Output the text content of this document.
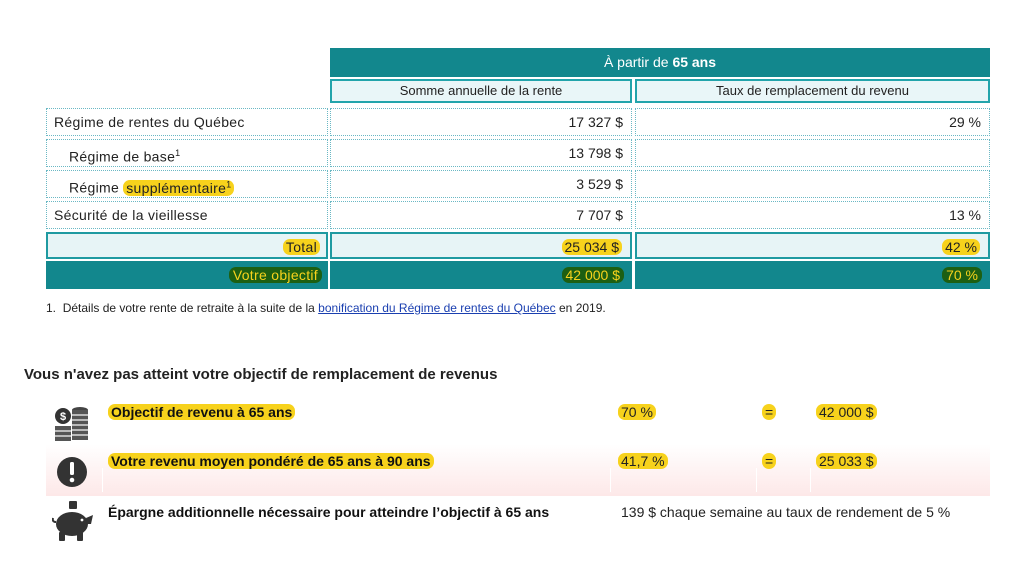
À partir de 65 ans
Somme annuelle de la rente	Taux de remplacement du revenu
Régime de rentes du Québec	17 327 $	29 %
Régime de base$^1$	13 798 $
Régime supplémentaire$^1$	3 529 $
Sécurité de la vieillesse	7 707 $	13 %
Total	25 034 $	42 %
Votre objectif	42 000 $	70 %
1. Détails de votre rente de retraite à la suite de la bonification du Régime de rentes du Québec en 2019.
Vous n'avez pas atteint votre objectif de remplacement de revenus
$	Objectif de revenu à 65 ans	70 %	=	42 000 $
Votre revenu moyen pondéré de 65 ans à 90 ans	41,7 %	=	25 033 $
Épargne additionnelle nécessaire pour atteindre l’objectif à 65 ans	139 $ chaque semaine au taux de rendement de 5 %
